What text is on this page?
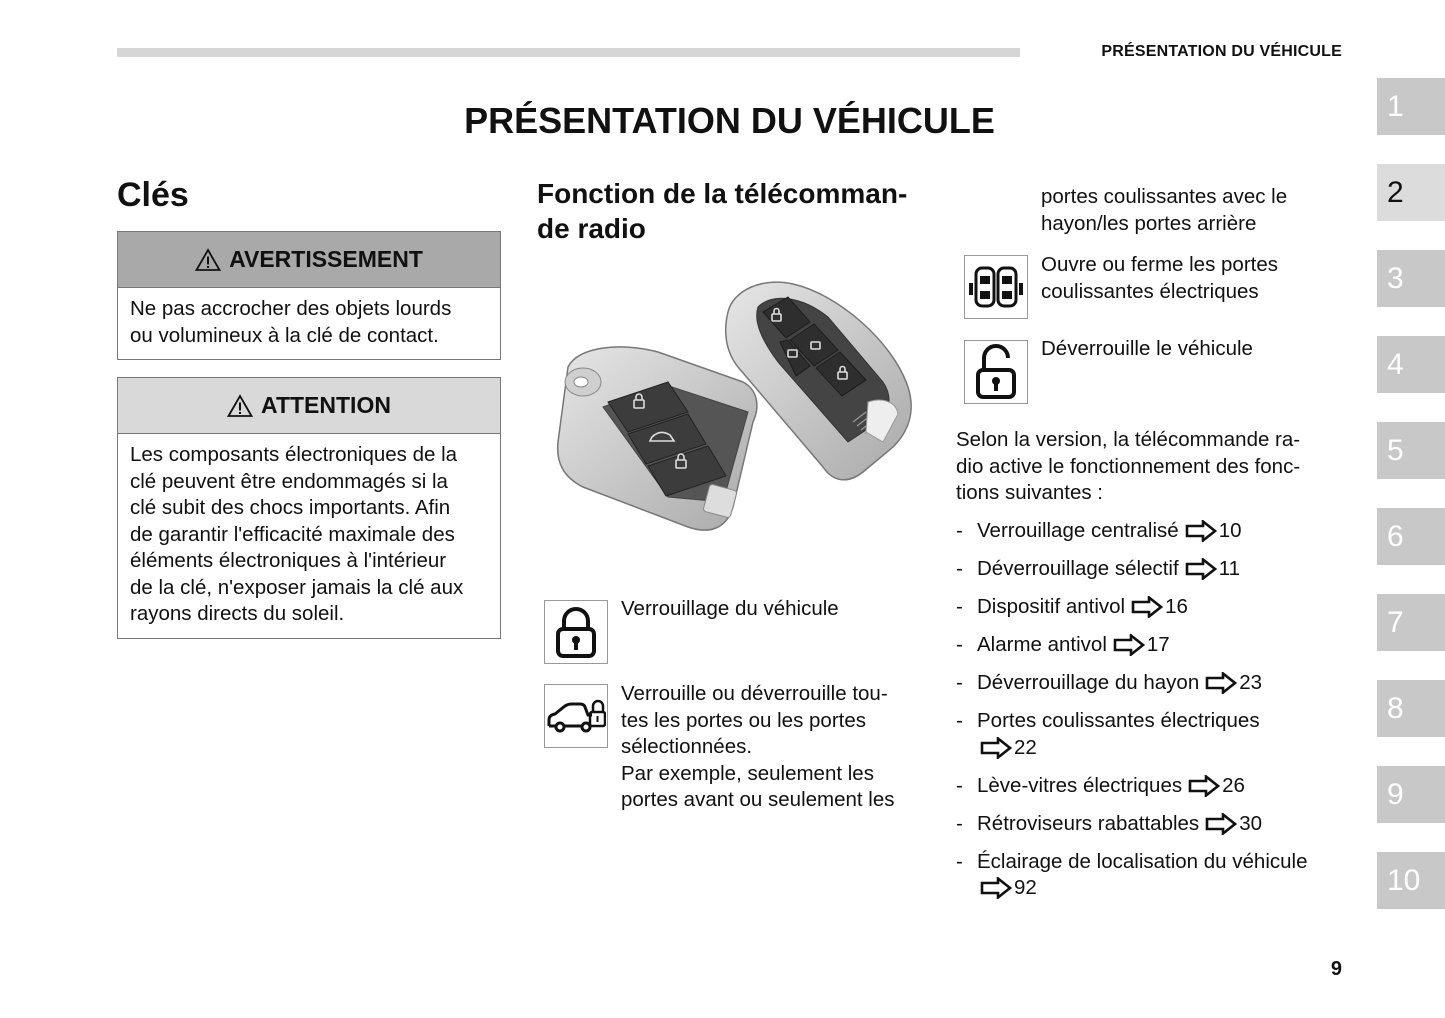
PRÉSENTATION DU VÉHICULE
PRÉSENTATION DU VÉHICULE
Clés
AVERTISSEMENT
Ne pas accrocher des objets lourds
ou volumineux à la clé de contact.
ATTENTION
Les composants électroniques de la
clé peuvent être endommagés si la
clé subit des chocs importants. Afin
de garantir l'efficacité maximale des
éléments électroniques à l'intérieur
de la clé, n'exposer jamais la clé aux
rayons directs du soleil.
Fonction de la télécomman-
de radio
Verrouillage du véhicule
Verrouille ou déverrouille tou-
tes les portes ou les portes
sélectionnées.
Par exemple, seulement les
portes avant ou seulement les
portes coulissantes avec le
hayon/les portes arrière
Ouvre ou ferme les portes
coulissantes électriques
Déverrouille le véhicule
Selon la version, la télécommande ra-
dio active le fonctionnement des fonc-
tions suivantes :
- Verrouillage centralisé 10
- Déverrouillage sélectif 11
- Dispositif antivol 16
- Alarme antivol 17
- Déverrouillage du hayon 23
- Portes coulissantes électriques
22
- Lève-vitres électriques 26
- Rétroviseurs rabattables 30
- Éclairage de localisation du véhicule
92
1
2
3
4
5
6
7
8
9
10
9
